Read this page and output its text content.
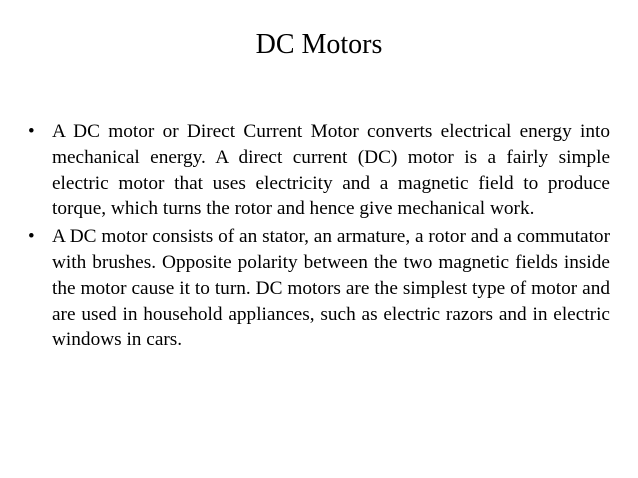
DC Motors
• A DC motor or Direct Current Motor converts electrical energy into mechanical energy. A direct current (DC) motor is a fairly simple electric motor that uses electricity and a magnetic field to produce torque, which turns the rotor and hence give mechanical work.
• A DC motor consists of an stator, an armature, a rotor and a commutator with brushes. Opposite polarity between the two magnetic fields inside the motor cause it to turn. DC motors are the simplest type of motor and are used in household appliances, such as electric razors and in electric windows in cars.
